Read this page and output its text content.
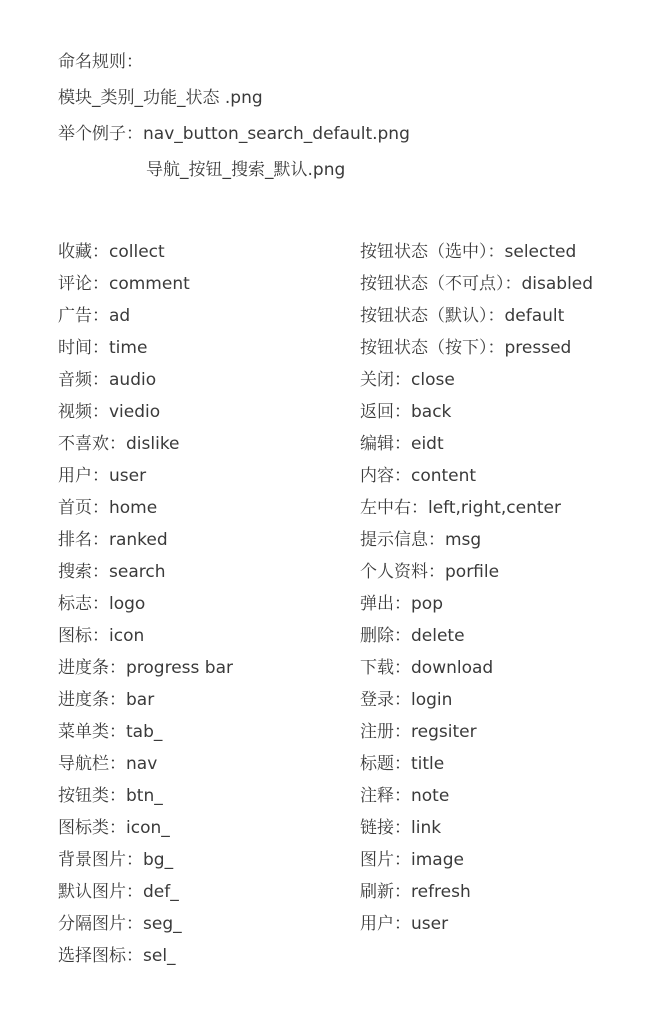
命名规则：
模块_类别_功能_状态 .png
举个例子：nav_button_search_default.png
导航_按钮_搜索_默认.png
收藏：collect
评论：comment
广告：ad
时间：time
音频：audio
视频：viedio
不喜欢：dislike
用户：user
首页：home
排名：ranked
搜索：search
标志：logo
图标：icon
进度条：progress bar
进度条：bar
菜单类：tab_
导航栏：nav
按钮类：btn_
图标类：icon_
背景图片：bg_
默认图片：def_
分隔图片：seg_
选择图标：sel_
按钮状态（选中）：selected
按钮状态（不可点）：disabled
按钮状态（默认）：default
按钮状态（按下）：pressed
关闭：close
返回：back
编辑：eidt
内容：content
左中右：left,right,center
提示信息：msg
个人资料：porfile
弹出：pop
删除：delete
下载：download
登录：login
注册：regsiter
标题：title
注释：note
链接：link
图片：image
刷新：refresh
用户：user
